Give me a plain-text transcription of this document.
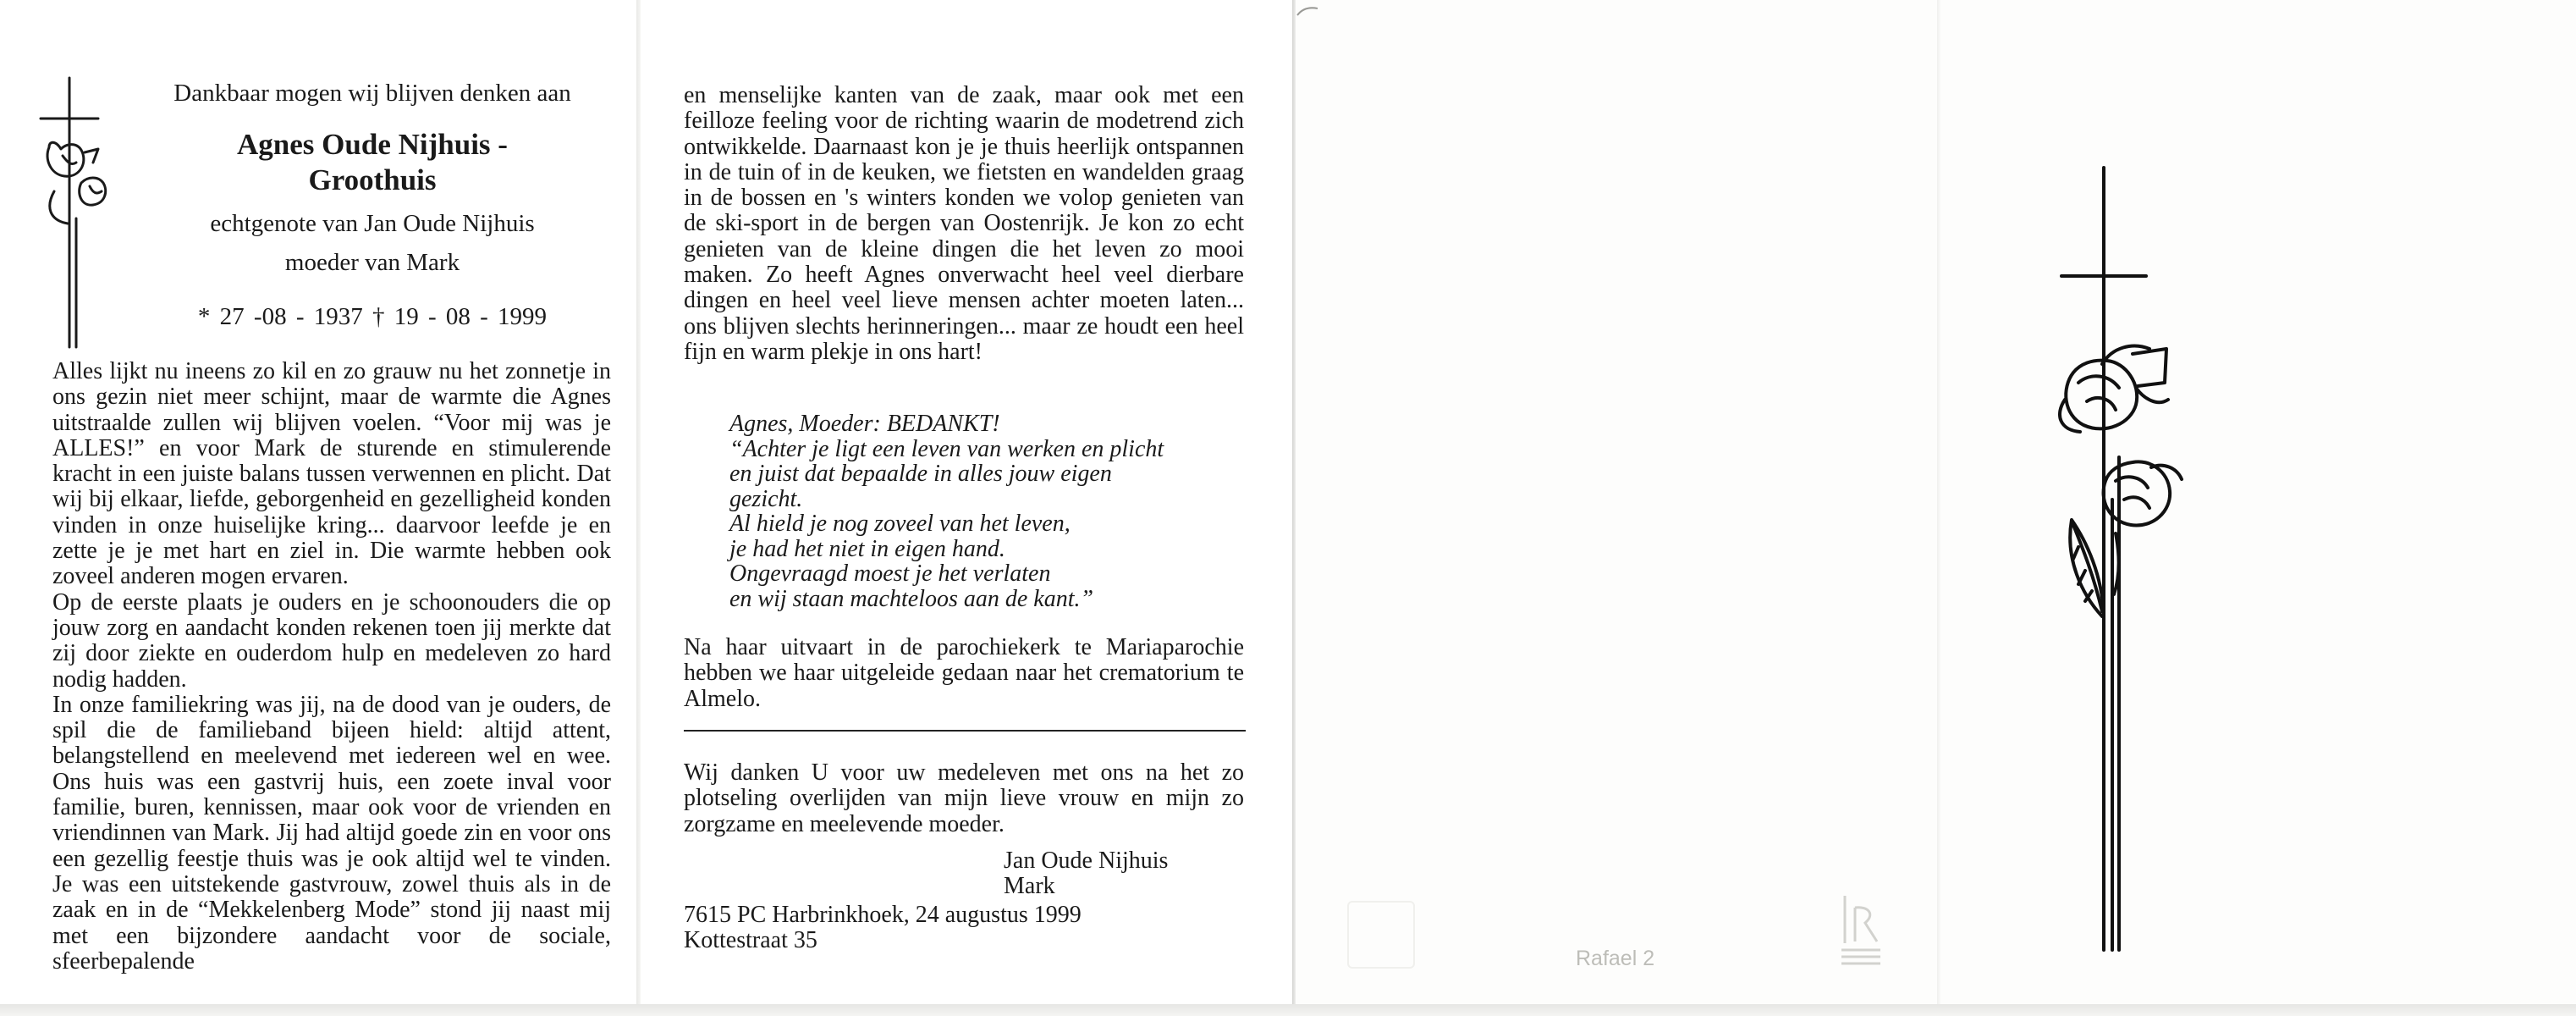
Dankbaar mogen wij blijven denken aan
Agnes Oude Nijhuis -
Groothuis
echtgenote van Jan Oude Nijhuis
moeder van Mark
* 27 -08 - 1937 † 19 - 08 - 1999

Alles lijkt nu ineens zo kil en zo grauw nu het zonnetje in ons gezin niet meer schijnt, maar de warmte die Agnes uitstraalde zullen wij blijven voelen. “Voor mij was je ALLES!” en voor Mark de sturende en stimulerende kracht in een juiste balans tussen verwennen en plicht. Dat wij bij elkaar, liefde, geborgenheid en gezelligheid konden vinden in onze huiselijke kring... daarvoor leefde je en zette je je met hart en ziel in. Die warmte hebben ook zoveel anderen mogen ervaren.

Op de eerste plaats je ouders en je schoonouders die op jouw zorg en aandacht konden rekenen toen jij merkte dat zij door ziekte en ouderdom hulp en medeleven zo hard nodig hadden.

In onze familiekring was jij, na de dood van je ouders, de spil die de familieband bijeen hield: altijd attent, belangstellend en meelevend met iedereen wel en wee. Ons huis was een gastvrij huis, een zoete inval voor familie, buren, kennissen, maar ook voor de vrienden en vriendinnen van Mark. Jij had altijd goede zin en voor ons een gezellig feestje thuis was je ook altijd wel te vinden. Je was een uitstekende gastvrouw, zowel thuis als in de zaak en in de “Mekkelenberg Mode” stond jij naast mij met een bijzondere aandacht voor de sociale, sfeerbepalende

en menselijke kanten van de zaak, maar ook met een feilloze feeling voor de richting waarin de modetrend zich ontwikkelde. Daarnaast kon je je thuis heerlijk ontspannen in de tuin of in de keuken, we fietsten en wandelden graag in de bossen en 's winters konden we volop genieten van de ski-sport in de bergen van Oostenrijk. Je kon zo echt genieten van de kleine dingen die het leven zo mooi maken. Zo heeft Agnes onverwacht heel veel dierbare dingen en heel veel lieve mensen achter moeten laten... ons blijven slechts herinneringen... maar ze houdt een heel fijn en warm plekje in ons hart!

Agnes, Moeder: BEDANKT!
“Achter je ligt een leven van werken en plicht
en juist dat bepaalde in alles jouw eigen
gezicht.
Al hield je nog zoveel van het leven,
je had het niet in eigen hand.
Ongevraagd moest je het verlaten
en wij staan machteloos aan de kant.”

Na haar uitvaart in de parochiekerk te Mariaparochie hebben we haar uitgeleide gedaan naar het crematorium te Almelo.

Wij danken U voor uw medeleven met ons na het zo plotseling overlijden van mijn lieve vrouw en mijn zo zorgzame en meelevende moeder.

Jan Oude Nijhuis
Mark
7615 PC Harbrinkhoek, 24 augustus 1999
Kottestraat 35
Rafael 2
